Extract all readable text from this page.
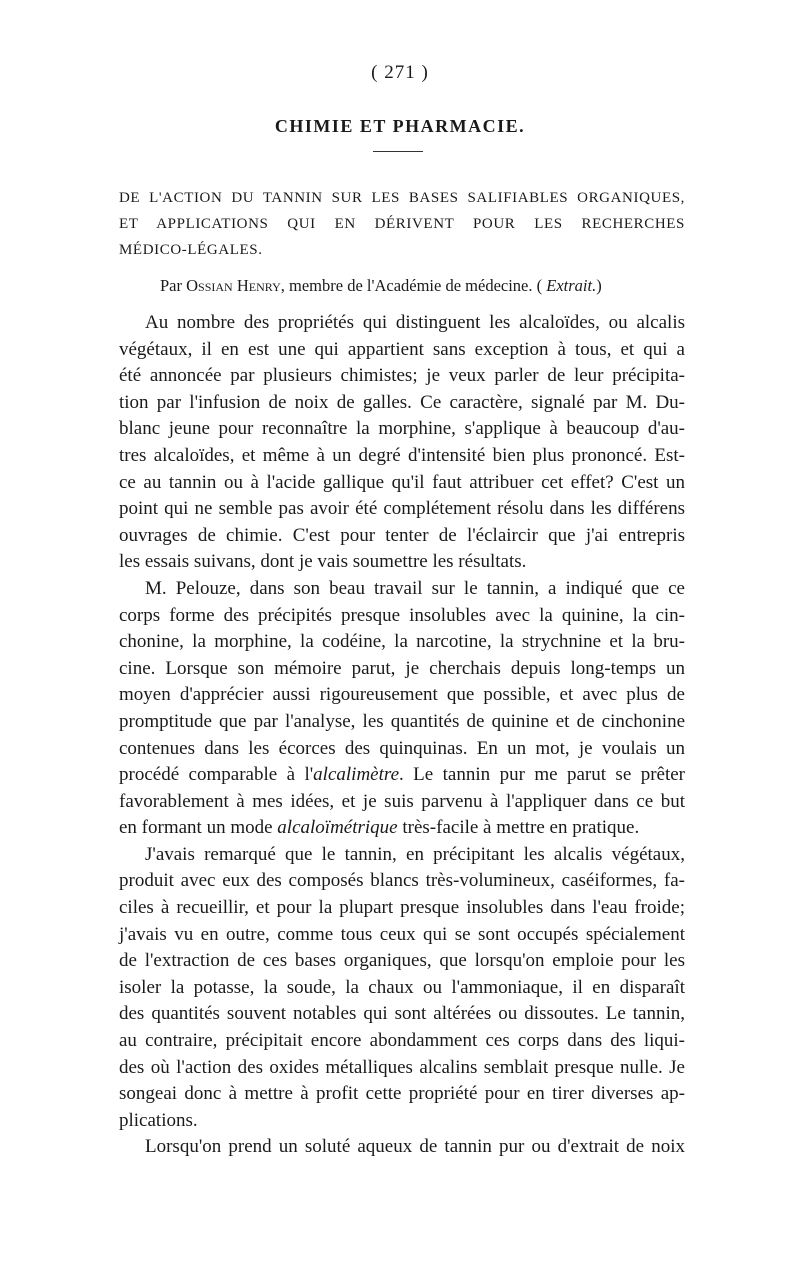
( 271 )
CHIMIE ET PHARMACIE.
DE L'ACTION DU TANNIN SUR LES BASES SALIFIABLES ORGANIQUES,
ET APPLICATIONS QUI EN DÉRIVENT POUR LES RECHERCHES
MÉDICO-LÉGALES.
Par Ossian Henry, membre de l'Académie de médecine. ( Extrait.)
Au nombre des propriétés qui distinguent les alcaloïdes, ou alcalis
végétaux, il en est une qui appartient sans exception à tous, et qui a
été annoncée par plusieurs chimistes; je veux parler de leur précipita-
tion par l'infusion de noix de galles. Ce caractère, signalé par M. Du-
blanc jeune pour reconnaître la morphine, s'applique à beaucoup d'au-
tres alcaloïdes, et même à un degré d'intensité bien plus prononcé. Est-
ce au tannin ou à l'acide gallique qu'il faut attribuer cet effet? C'est un
point qui ne semble pas avoir été complétement résolu dans les différens
ouvrages de chimie. C'est pour tenter de l'éclaircir que j'ai entrepris
les essais suivans, dont je vais soumettre les résultats.
M. Pelouze, dans son beau travail sur le tannin, a indiqué que ce
corps forme des précipités presque insolubles avec la quinine, la cin-
chonine, la morphine, la codéine, la narcotine, la strychnine et la bru-
cine. Lorsque son mémoire parut, je cherchais depuis long-temps un
moyen d'apprécier aussi rigoureusement que possible, et avec plus de
promptitude que par l'analyse, les quantités de quinine et de cinchonine
contenues dans les écorces des quinquinas. En un mot, je voulais un
procédé comparable à l'alcalimètre. Le tannin pur me parut se prêter
favorablement à mes idées, et je suis parvenu à l'appliquer dans ce but
en formant un mode alcaloïmétrique très-facile à mettre en pratique.
J'avais remarqué que le tannin, en précipitant les alcalis végétaux,
produit avec eux des composés blancs très-volumineux, caséiformes, fa-
ciles à recueillir, et pour la plupart presque insolubles dans l'eau froide;
j'avais vu en outre, comme tous ceux qui se sont occupés spécialement
de l'extraction de ces bases organiques, que lorsqu'on emploie pour les
isoler la potasse, la soude, la chaux ou l'ammoniaque, il en disparaît
des quantités souvent notables qui sont altérées ou dissoutes. Le tannin,
au contraire, précipitait encore abondamment ces corps dans des liqui-
des où l'action des oxides métalliques alcalins semblait presque nulle. Je
songeai donc à mettre à profit cette propriété pour en tirer diverses ap-
plications.
Lorsqu'on prend un soluté aqueux de tannin pur ou d'extrait de noix
